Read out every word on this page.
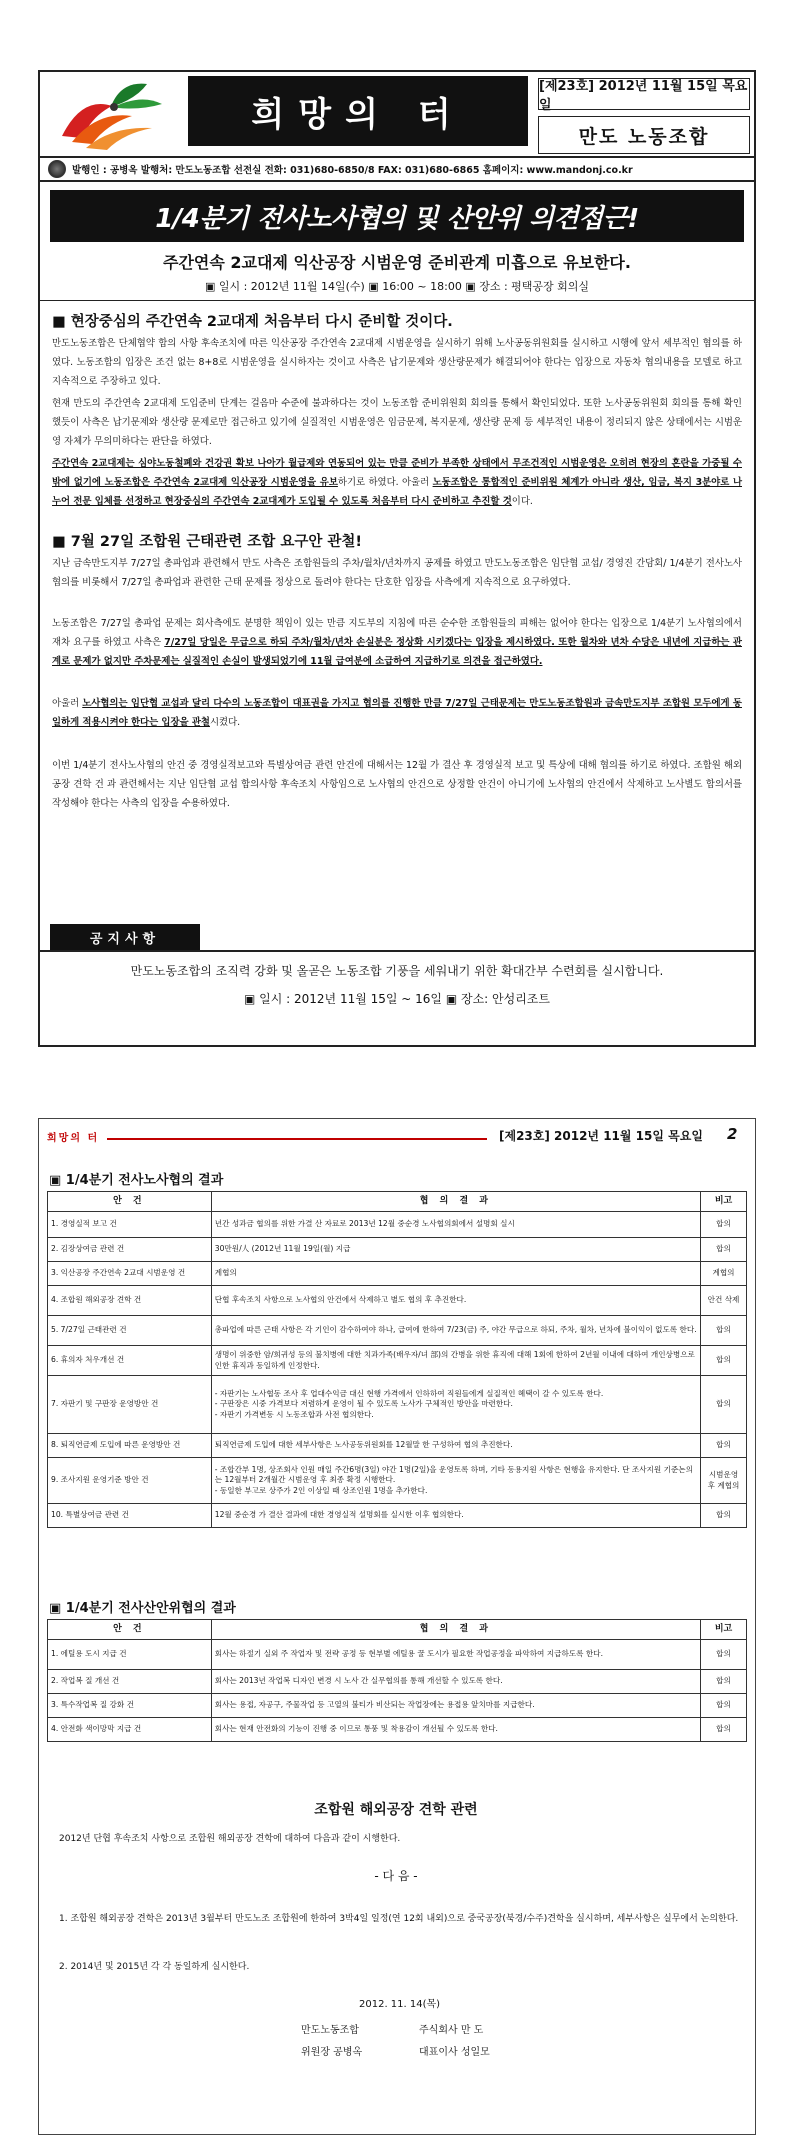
희망의 터
[제23호] 2012년 11월 15일 목요일
만도 노동조합
발행인 : 공병옥 발행처: 만도노동조합 선전실 전화: 031)680-6850/8 FAX: 031)680-6865 홈페이지: www.mandonj.co.kr
1/4분기 전사노사협의 및 산안위 의견접근!
주간연속 2교대제 익산공장 시범운영 준비관계 미흡으로 유보한다.
▣ 일시 : 2012년 11월 14일(수) ▣ 16:00 ~ 18:00 ▣ 장소 : 평택공장 회의실
■ 현장중심의 주간연속 2교대제 처음부터 다시 준비할 것이다.
만도노동조합은 단체협약 합의 사항 후속조치에 따른 익산공장 주간연속 2교대제 시범운영을 실시하기 위해 노사공동위원회를 실시하고 시행에 앞서 세부적인 협의를 하였다. 노동조합의 입장은 조건 없는 8+8로 시범운영을 실시하자는 것이고 사측은 납기문제와 생산량문제가 해결되어야 한다는 입장으로 자동차 협의내용을 모델로 하고 지속적으로 주장하고 있다.
현재 만도의 주간연속 2교대제 도입준비 단계는 걸음마 수준에 불과하다는 것이 노동조합 준비위원회 회의를 통해서 확인되었다. 또한 노사공동위원회 회의를 통해 확인했듯이 사측은 납기문제와 생산량 문제로만 접근하고 있기에 실질적인 시범운영은 임금문제, 복지문제, 생산량 문제 등 세부적인 내용이 정리되지 않은 상태에서는 시범운영 자체가 무의미하다는 판단을 하였다.
주간연속 2교대제는 심야노동철폐와 건강권 확보 나아가 월급제와 연동되어 있는 만큼 준비가 부족한 상태에서 무조건적인 시범운영은 오히려 현장의 혼란을 가중될 수밖에 없기에 노동조합은 주간연속 2교대제 익산공장 시범운영을 유보하기로 하였다. 아울러 노동조합은 통합적인 준비위원 체계가 아니라 생산, 임금, 복지 3분야로 나누어 전문 입체를 선정하고 현장중심의 주간연속 2교대제가 도입될 수 있도록 처음부터 다시 준비하고 추진할 것이다.
■ 7월 27일 조합원 근태관련 조합 요구안 관철!
지난 금속만도지부 7/27일 총파업과 관련해서 만도 사측은 조합원들의 주차/월차/년차까지 공제를 하였고 만도노동조합은 임단협 교섭/ 경영진 간담회/ 1/4분기 전사노사협의를 비롯해서 7/27일 총파업과 관련한 근태 문제를 정상으로 돌려야 한다는 단호한 입장을 사측에게 지속적으로 요구하였다.
노동조합은 7/27일 총파업 문제는 회사측에도 분명한 책임이 있는 만큼 지도부의 지침에 따른 순수한 조합원들의 피해는 없어야 한다는 입장으로 1/4분기 노사협의에서 재차 요구를 하였고 사측은 7/27일 당일은 무급으로 하되 주차/월차/년차 손실분은 정상화 시키겠다는 입장을 제시하였다. 또한 월차와 년차 수당은 내년에 지급하는 관계로 문제가 없지만 주차문제는 실질적인 손실이 발생되었기에 11월 급여분에 소급하여 지급하기로 의견을 접근하였다.
아울러 노사협의는 임단협 교섭과 달리 다수의 노동조합이 대표권을 가지고 협의를 진행한 만큼 7/27일 근태문제는 만도노동조합원과 금속만도지부 조합원 모두에게 동일하게 적용시켜야 한다는 입장을 관철시켰다.
이번 1/4분기 전사노사협의 안건 중 경영실적보고와 특별상여금 관련 안건에 대해서는 12월 가 결산 후 경영실적 보고 및 특상에 대해 협의를 하기로 하였다. 조합원 해외공장 견학 건 과 관련해서는 지난 임단협 교섭 합의사항 후속조치 사항임으로 노사협의 안건으로 상정할 안건이 아니기에 노사협의 안건에서 삭제하고 노사별도 합의서를 작성해야 한다는 사측의 입장을 수용하였다.
공지사항
만도노동조합의 조직력 강화 및 올곧은 노동조합 기풍을 세워내기 위한 확대간부 수련회를 실시합니다.
▣ 일시 : 2012년 11월 15일 ~ 16일 ▣ 장소: 안성리조트
희망의 터	[제23호] 2012년 11월 15일 목요일 2
▣ 1/4분기 전사노사협의 결과
안 건	협 의 결 과	비고
1. 경영실적 보고 건	년간 성과금 협의를 위한 가결 산 자료로 2013년 12월 중순경 노사협의회에서 설명회 실시	합의
2. 김장상여금 관련 건	30만원/人 (2012년 11월 19일(월) 지급	합의
3. 익산공장 주간연속 2교대 시범운영 건	계협의	계협의
4. 조합원 해외공장 견학 건	단협 후속조치 사항으로 노사협의 안건에서 삭제하고 별도 협의 후 추진한다.	안건 삭제
5. 7/27일 근태관련 건	총파업에 따른 근태 사항은 각 기인이 감수하여야 하나, 급여에 한하여 7/23(금) 주, 야간 무급으로 하되, 주차, 월차, 년차에 불이익이 없도록 한다.	합의
6. 휴의자 처우개선 건	생명이 위중한 암/희귀성 등의 불치병에 대한 치과가족(배우자/녀 部)의 간병을 위한 휴직에 대해 1회에 한하여 2년월 이내에 대하여 개인상병으로 인한 휴직과 동일하게 인정한다.	합의
7. 자판기 및 구판장 운영방안 건	- 자판기는 노사협동 조사 후 업대수익금 대신 현행 가격에서 인하하여 직원들에게 실질적인 혜택이 갈 수 있도록 한다.
- 구판장은 시중 가격보다 저렴하게 운영이 될 수 있도록 노사가 구체적인 방안을 마련한다.
- 자판기 가격변동 시 노동조합과 사전 협의한다.	합의
8. 퇴직연금제 도입에 따른 운영방안 건	퇴직연금제 도입에 대한 세부사항은 노사공동위원회를 12월말 한 구성하여 협의 추진한다.	합의
9. 조사지원 운영기준 방안 건	- 조합간부 1명, 상조회사 인원 매일 주간6명(3일) 야간 1명(2일)을 운영토록 하며, 기타 동용지원 사항은 현행을 유지한다. 단 조사지원 기준논의는 12월부터 2개월간 시범운영 후 최종 확정 시행한다.
- 동일한 부고로 상주가 2인 이상일 때 상조인원 1명을 추가한다.	시범운영 후 계협의
10. 특별상여금 관련 건	12월 중순경 가 결산 결과에 대한 경영실적 설명회를 실시한 이후 협의한다.	합의
▣ 1/4분기 전사산안위협의 결과
안 건	협 의 결 과	비고
1. 에틸용 도시 지급 건	회사는 하절기 실외 주 작업자 및 전략 공정 등 현부별 에틸용 꿀 도시가 필요한 작업공정을 파악하여 지급하도록 한다.	합의
2. 작업복 질 개선 건	회사는 2013년 작업복 디자인 변경 시 노사 간 실무협의를 통해 개선할 수 있도록 한다.	합의
3. 특수작업복 질 강화 건	회사는 용접, 자공구, 주물작업 등 고열의 불티가 비산되는 작업장에는 용접용 앞치마를 지급한다.	합의
4. 안전화 색이망막 지급 건	회사는 현재 안전화의 기능이 진행 중 이므로 통풍 및 착용감이 개선될 수 있도록 한다.	합의
조합원 해외공장 견학 관련
2012년 단협 후속조치 사항으로 조합원 해외공장 견학에 대하여 다음과 같이 시행한다.
- 다 음 -
1. 조합원 해외공장 견학은 2013년 3월부터 만도노조 조합원에 한하여 3박4일 일정(연 12회 내외)으로 중국공장(북경/수주)견학을 실시하며, 세부사항은 실무에서 논의한다.
2. 2014년 및 2015년 각 각 동일하게 실시한다.
2012. 11. 14(목)
만도노동조합
위원장 공병옥
주식회사 만 도
대표이사 성일모
